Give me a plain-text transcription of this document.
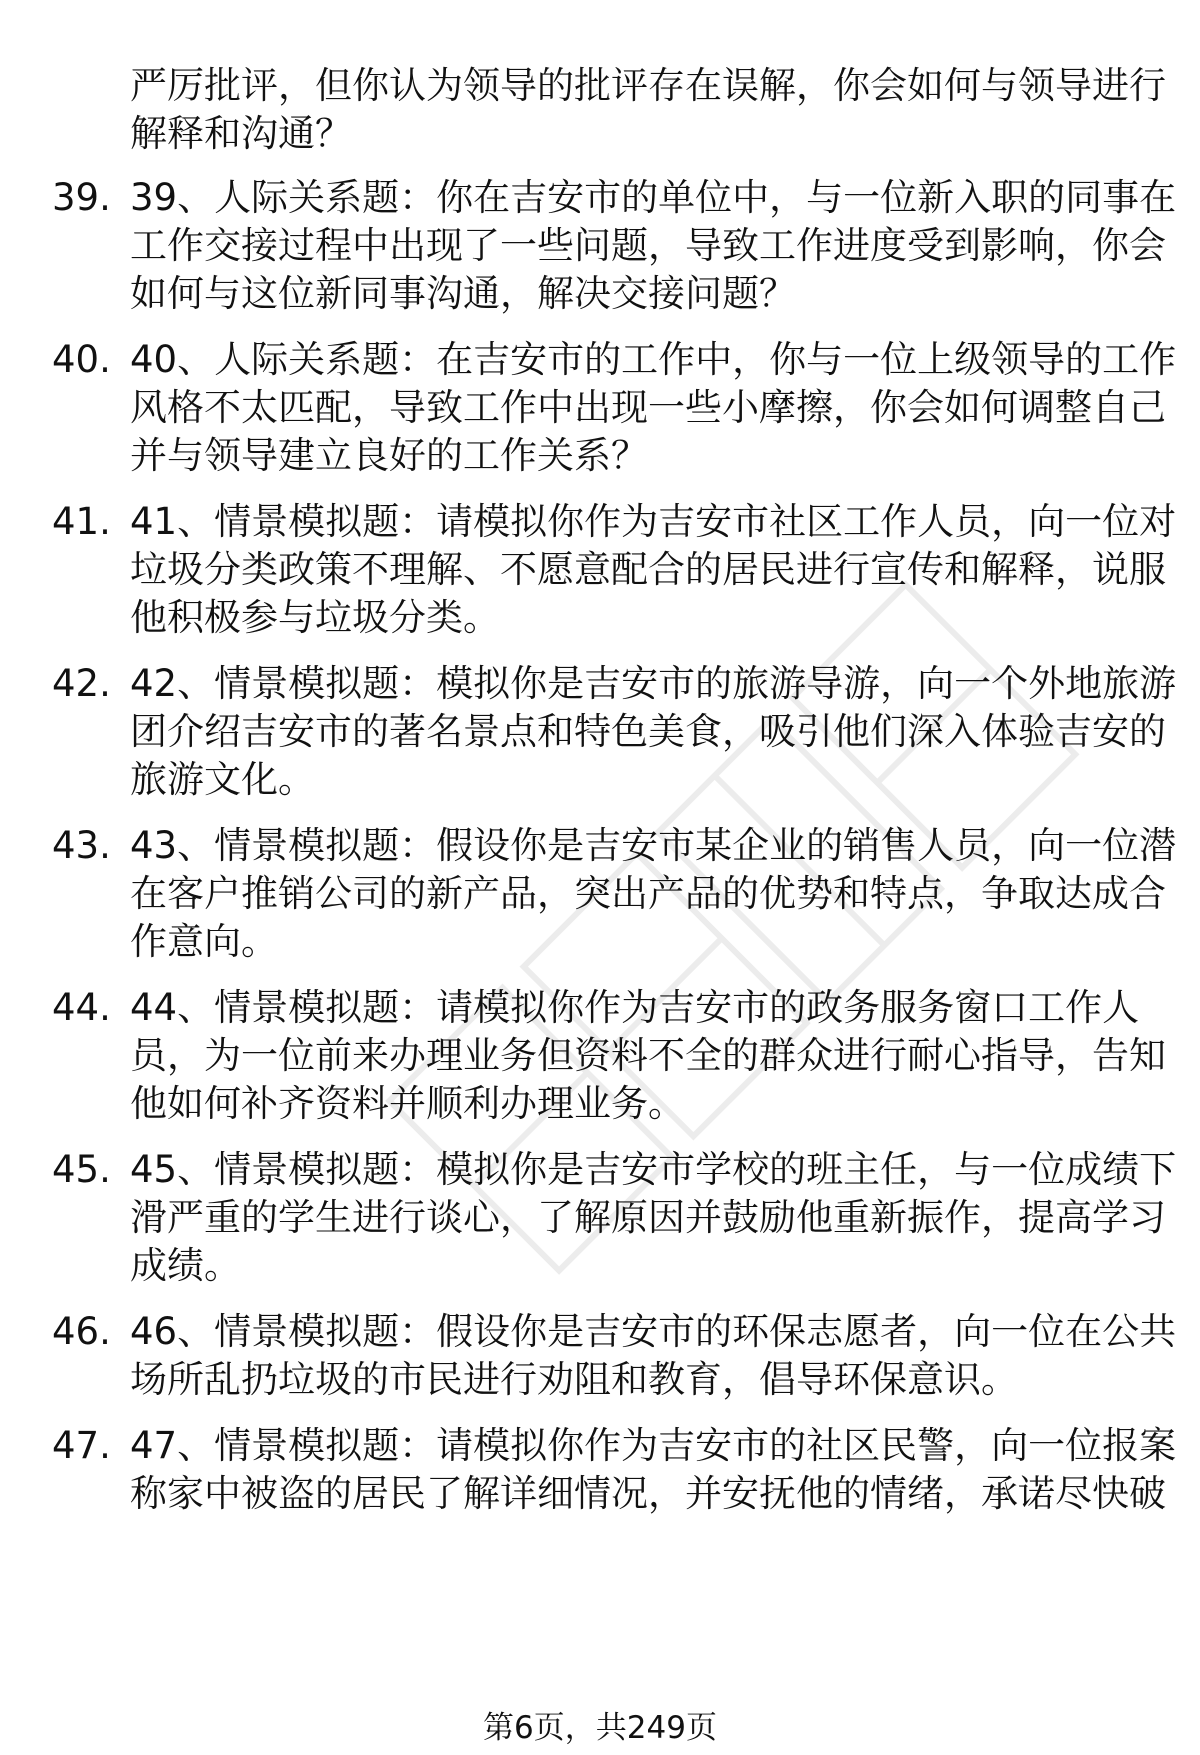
严厉批评，但你认为领导的批评存在误解，你会如何与领导进行
解释和沟通？
39. 39、人际关系题：你在吉安市的单位中，与一位新入职的同事在
工作交接过程中出现了一些问题，导致工作进度受到影响，你会
如何与这位新同事沟通，解决交接问题？
40. 40、人际关系题：在吉安市的工作中，你与一位上级领导的工作
风格不太匹配，导致工作中出现一些小摩擦，你会如何调整自己
并与领导建立良好的工作关系？
41. 41、情景模拟题：请模拟你作为吉安市社区工作人员，向一位对
垃圾分类政策不理解、不愿意配合的居民进行宣传和解释，说服
他积极参与垃圾分类。
42. 42、情景模拟题：模拟你是吉安市的旅游导游，向一个外地旅游
团介绍吉安市的著名景点和特色美食，吸引他们深入体验吉安的
旅游文化。
43. 43、情景模拟题：假设你是吉安市某企业的销售人员，向一位潜
在客户推销公司的新产品，突出产品的优势和特点，争取达成合
作意向。
44. 44、情景模拟题：请模拟你作为吉安市的政务服务窗口工作人
员，为一位前来办理业务但资料不全的群众进行耐心指导，告知
他如何补齐资料并顺利办理业务。
45. 45、情景模拟题：模拟你是吉安市学校的班主任，与一位成绩下
滑严重的学生进行谈心，了解原因并鼓励他重新振作，提高学习
成绩。
46. 46、情景模拟题：假设你是吉安市的环保志愿者，向一位在公共
场所乱扔垃圾的市民进行劝阻和教育，倡导环保意识。
47. 47、情景模拟题：请模拟你作为吉安市的社区民警，向一位报案
称家中被盗的居民了解详细情况，并安抚他的情绪，承诺尽快破
第6页，共249页
